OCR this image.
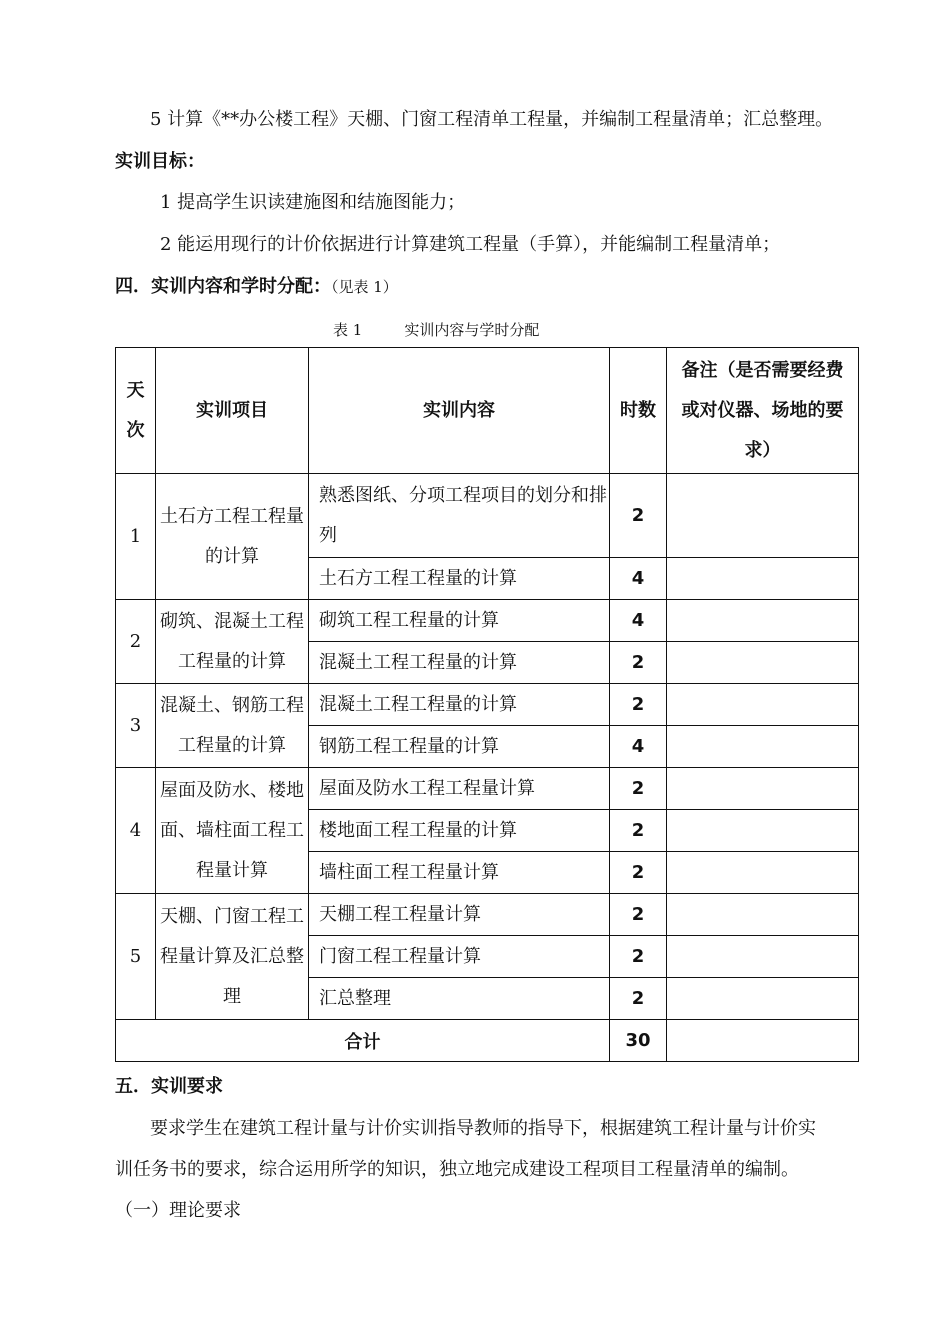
5 计算《**办公楼工程》天棚、门窗工程清单工程量，并编制工程量清单；汇总整理。
实训目标：
1 提高学生识读建施图和结施图能力；
2 能运用现行的计价依据进行计算建筑工程量（手算），并能编制工程量清单；
四．实训内容和学时分配：（见表 1）
表 1	实训内容与学时分配
天次	实训项目	实训内容	时数	备注（是否需要经费或对仪器、场地的要求）
1	土石方工程工程量的计算	熟悉图纸、分项工程项目的划分和排列	2	
		土石方工程工程量的计算	4	
2	砌筑、混凝土工程工程量的计算	砌筑工程工程量的计算	4	
		混凝土工程工程量的计算	2	
3	混凝土、钢筋工程工程量的计算	混凝土工程工程量的计算	2	
		钢筋工程工程量的计算	4	
4	屋面及防水、楼地面、墙柱面工程工程量计算	屋面及防水工程工程量计算	2	
		楼地面工程工程量的计算	2	
		墙柱面工程工程量计算	2	
5	天棚、门窗工程工程量计算及汇总整理	天棚工程工程量计算	2	
		门窗工程工程量计算	2	
		汇总整理	2	
合计			30	
五．实训要求
要求学生在建筑工程计量与计价实训指导教师的指导下，根据建筑工程计量与计价实
训任务书的要求，综合运用所学的知识，独立地完成建设工程项目工程量清单的编制。
（一）理论要求
